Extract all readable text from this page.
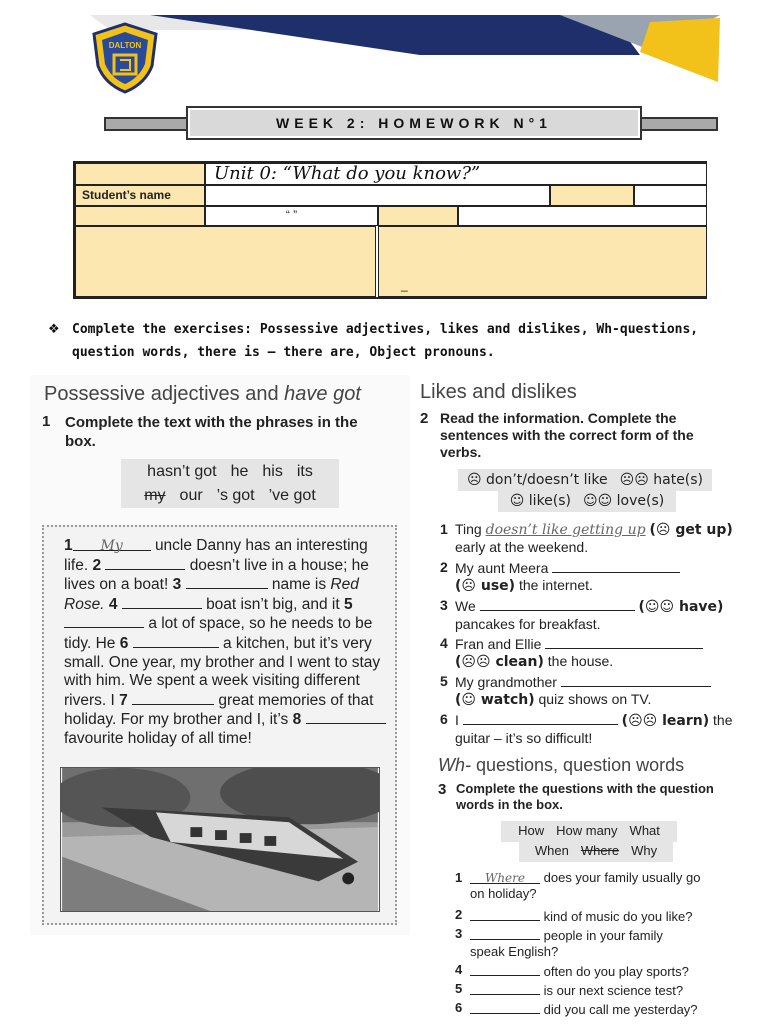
DALTON
WEEK 2: HOMEWORK N°1
Unit 0: “What do you know?”
Student’s name
“ ”
_
❖ Complete the exercises: Possessive adjectives, likes and dislikes, Wh-questions, question words, there is – there are, Object pronouns.
Possessive adjectives and have got
1 Complete the text with the phrases in the box.
hasn’t got he his its
my our ’s got ’ve got

1 My uncle Danny has an interesting life. 2	doesn’t live in a house; he lives on a boat! 3	name is Red Rose. 4	boat isn’t big, and it 5  a lot of space, so he needs to be tidy. He 6	a kitchen, but it’s very small. One year, my brother and I went to stay with him. We spent a week visiting different rivers. I 7	great memories of that holiday. For my brother and I, it’s 8  favourite holiday of all time!

Likes and dislikes
2 Read the information. Complete the sentences with the correct form of the verbs.
☹ don’t/doesn’t like ☹☹ hate(s)
☺ like(s) ☺☺ love(s)
1 Ting doesn’t like getting up (☹ get up)
early at the weekend.
2 My aunt Meera
(☹ use) the internet.
3 We	(☺☺ have)
pancakes for breakfast.
4 Fran and Ellie
(☹☹ clean) the house.
5 My grandmother
(☺ watch) quiz shows on TV.
6 I	(☹☹ learn) the
guitar – it’s so difficult!
Wh- questions, question words
3 Complete the questions with the question words in the box.
How How many What
When Where Why
1	Where does your family usually go
on holiday?
2	kind of music do you like?
3	people in your family
speak English?
4	often do you play sports?
5	is our next science test?
6	did you call me yesterday?
